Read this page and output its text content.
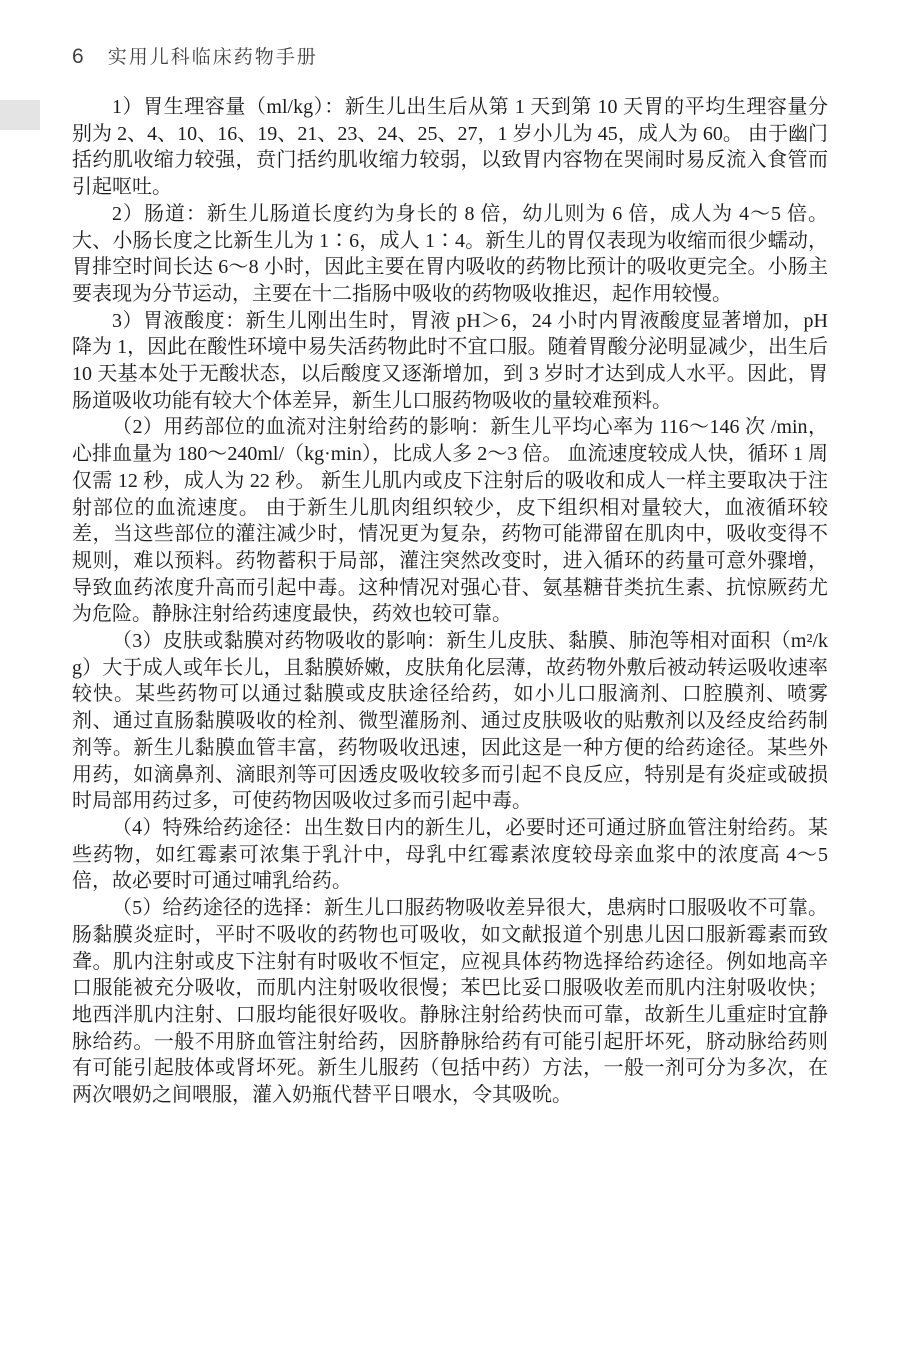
6 实用儿科临床药物手册

1）胃生理容量（ml/kg）：新生儿出生后从第 1 天到第 10 天胃的平均生理容量分别为 2、4、10、16、19、21、23、24、25、27，1 岁小儿为 45，成人为 60。 由于幽门括约肌收缩力较强，贲门括约肌收缩力较弱，以致胃内容物在哭闹时易反流入食管而引起呕吐。

2）肠道：新生儿肠道长度约为身长的 8 倍，幼儿则为 6 倍，成人为 4～5 倍。大、小肠长度之比新生儿为 1∶6，成人 1∶4。新生儿的胃仅表现为收缩而很少蠕动，胃排空时间长达 6～8 小时，因此主要在胃内吸收的药物比预计的吸收更完全。小肠主要表现为分节运动，主要在十二指肠中吸收的药物吸收推迟，起作用较慢。

3）胃液酸度：新生儿刚出生时，胃液 pH＞6，24 小时内胃液酸度显著增加，pH 降为 1，因此在酸性环境中易失活药物此时不宜口服。随着胃酸分泌明显减少，出生后 10 天基本处于无酸状态，以后酸度又逐渐增加，到 3 岁时才达到成人水平。因此，胃肠道吸收功能有较大个体差异，新生儿口服药物吸收的量较难预料。

（2）用药部位的血流对注射给药的影响：新生儿平均心率为 116～146 次 /min，心排血量为 180～240ml/（kg·min），比成人多 2～3 倍。 血流速度较成人快，循环 1 周仅需 12 秒，成人为 22 秒。 新生儿肌内或皮下注射后的吸收和成人一样主要取决于注射部位的血流速度。 由于新生儿肌肉组织较少，皮下组织相对量较大，血液循环较差，当这些部位的灌注减少时，情况更为复杂，药物可能滞留在肌肉中，吸收变得不规则，难以预料。药物蓄积于局部，灌注突然改变时，进入循环的药量可意外骤增，导致血药浓度升高而引起中毒。这种情况对强心苷、氨基糖苷类抗生素、抗惊厥药尤为危险。静脉注射给药速度最快，药效也较可靠。

（3）皮肤或黏膜对药物吸收的影响：新生儿皮肤、黏膜、肺泡等相对面积（m²/kg）大于成人或年长儿，且黏膜娇嫩，皮肤角化层薄，故药物外敷后被动转运吸收速率较快。某些药物可以通过黏膜或皮肤途径给药，如小儿口服滴剂、口腔膜剂、喷雾剂、通过直肠黏膜吸收的栓剂、微型灌肠剂、通过皮肤吸收的贴敷剂以及经皮给药制剂等。新生儿黏膜血管丰富，药物吸收迅速，因此这是一种方便的给药途径。某些外用药，如滴鼻剂、滴眼剂等可因透皮吸收较多而引起不良反应，特别是有炎症或破损时局部用药过多，可使药物因吸收过多而引起中毒。

（4）特殊给药途径：出生数日内的新生儿，必要时还可通过脐血管注射给药。某些药物，如红霉素可浓集于乳汁中，母乳中红霉素浓度较母亲血浆中的浓度高 4～5 倍，故必要时可通过哺乳给药。

（5）给药途径的选择：新生儿口服药物吸收差异很大，患病时口服吸收不可靠。肠黏膜炎症时，平时不吸收的药物也可吸收，如文献报道个别患儿因口服新霉素而致聋。肌内注射或皮下注射有时吸收不恒定，应视具体药物选择给药途径。例如地高辛口服能被充分吸收，而肌内注射吸收很慢；苯巴比妥口服吸收差而肌内注射吸收快；地西泮肌内注射、口服均能很好吸收。静脉注射给药快而可靠，故新生儿重症时宜静脉给药。一般不用脐血管注射给药，因脐静脉给药有可能引起肝坏死，脐动脉给药则有可能引起肢体或肾坏死。新生儿服药（包括中药）方法，一般一剂可分为多次，在两次喂奶之间喂服，灌入奶瓶代替平日喂水，令其吸吮。
